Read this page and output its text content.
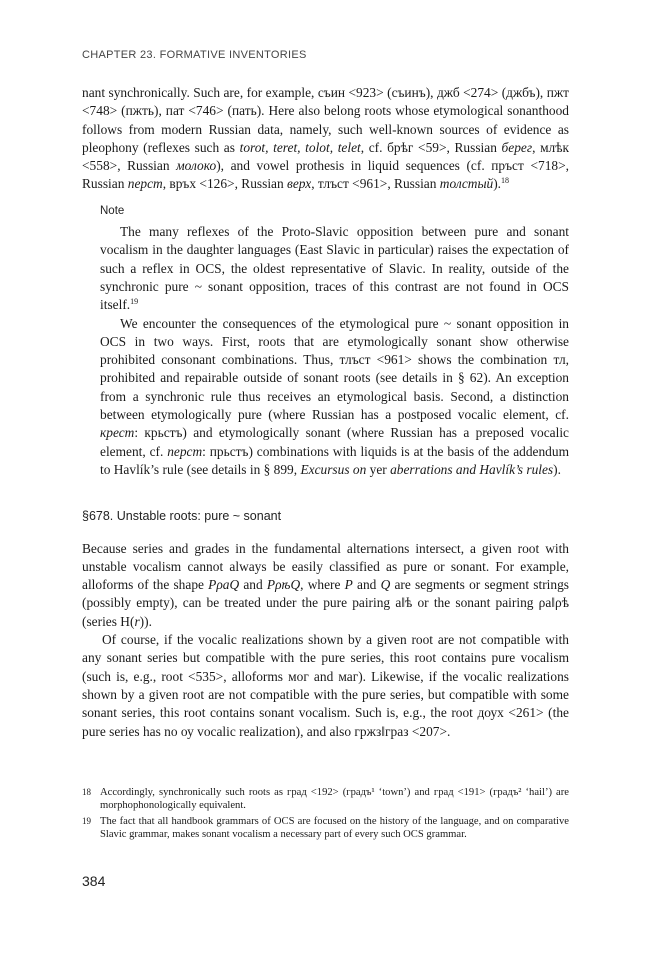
CHAPTER 23. FORMATIVE INVENTORIES

nant synchronically. Such are, for example, съин <923> (съинъ), джб <274> (джбъ), пжт <748> (пжть), пат <746> (пать). Here also belong roots whose etymological sonanthood follows from modern Russian data, namely, such well-known sources of evidence as pleophony (reflexes such as torot, teret, tolot, telet, cf. брѣг <59>, Russian берег, млѣк <558>, Russian молоко), and vowel prothesis in liquid sequences (cf. пръст <718>, Russian перст, връх <126>, Russian верх, тлъст <961>, Russian толстый).$^{18}$

Note

The many reflexes of the Proto-Slavic opposition between pure and sonant vocalism in the daughter languages (East Slavic in particular) raises the expectation of such a reflex in OCS, the oldest representative of Slavic. In reality, outside of the synchronic pure ~ sonant opposition, traces of this contrast are not found in OCS itself.$^{19}$

We encounter the consequences of the etymological pure ~ sonant opposition in OCS in two ways. First, roots that are etymologically sonant show otherwise prohibited consonant combinations. Thus, тлъст <961> shows the combination тл, prohibited and repairable outside of sonant roots (see details in § 62). An exception from a synchronic rule thus receives an etymological basis. Second, a distinction between etymologically pure (where Russian has a postposed vocalic element, cf. крест: крьстъ) and etymologically sonant (where Russian has a preposed vocalic element, cf. перст: прьстъ) combinations with liquids is at the basis of the addendum to Havlík’s rule (see details in § 899, Excursus on yer aberrations and Havlík’s rules).

§678. Unstable roots: pure ~ sonant

Because series and grades in the fundamental alternations intersect, a given root with unstable vocalism cannot always be easily classified as pure or sonant. For example, alloforms of the shape PρaQ and PρѣQ, where P and Q are segments or segment strings (possibly empty), can be treated under the pure pairing a‖ѣ or the sonant pairing ρa‖ρѣ (series H(r)).

Of course, if the vocalic realizations shown by a given root are not compatible with any sonant series but compatible with the pure series, this root contains pure vocalism (such is, e.g., root <535>, alloforms мог and маг). Likewise, if the vocalic realizations shown by a given root are not compatible with the pure series, but compatible with some sonant series, this root contains sonant vocalism. Such is, e.g., the root доух <261> (the pure series has no оу vocalic realization), and also гржз‖граз <207>.

18 Accordingly, synchronically such roots as град <192> (градъ¹ ‘town’) and град <191> (градъ² ‘hail’) are morphophonologically equivalent.
19 The fact that all handbook grammars of OCS are focused on the history of the language, and on comparative Slavic grammar, makes sonant vocalism a necessary part of every such OCS grammar.
384
